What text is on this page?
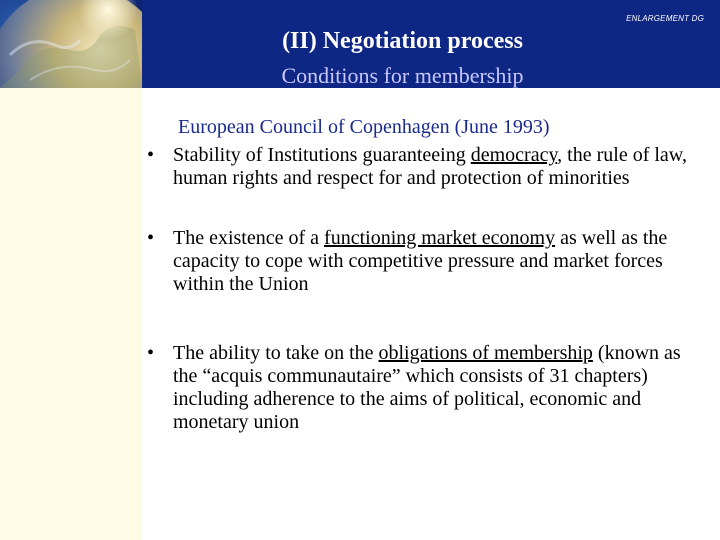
(II) Negotiation process
Conditions for membership
ENLARGEMENT DG
European Council of Copenhagen (June 1993)
• Stability of Institutions guaranteeing democracy, the rule of law, human rights and respect for and protection of minorities
• The existence of a functioning market economy as well as the capacity to cope with competitive pressure and market forces within the Union
• The ability to take on the obligations of membership (known as the “acquis communautaire” which consists of 31 chapters) including adherence to the aims of political, economic and monetary union
